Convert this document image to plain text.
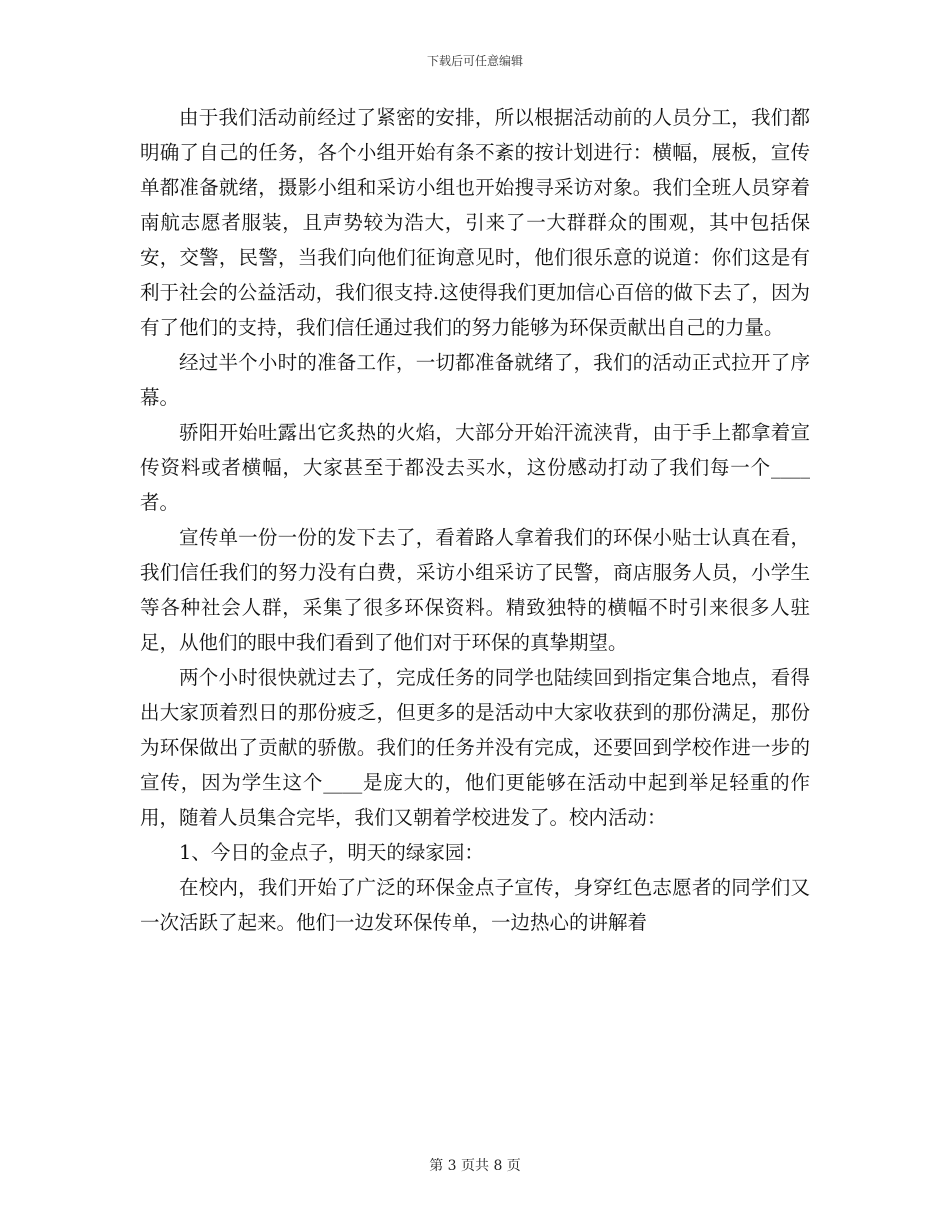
下载后可任意编辑

由于我们活动前经过了紧密的安排，所以根据活动前的人员分工，我们都明确了自己的任务，各个小组开始有条不紊的按计划进行：横幅，展板，宣传单都准备就绪，摄影小组和采访小组也开始搜寻采访对象。我们全班人员穿着南航志愿者服装，且声势较为浩大，引来了一大群群众的围观，其中包括保安，交警，民警，当我们向他们征询意见时，他们很乐意的说道：你们这是有利于社会的公益活动，我们很支持.这使得我们更加信心百倍的做下去了，因为有了他们的支持，我们信任通过我们的努力能够为环保贡献出自己的力量。

经过半个小时的准备工作，一切都准备就绪了，我们的活动正式拉开了序幕。

骄阳开始吐露出它炙热的火焰，大部分开始汗流浃背，由于手上都拿着宣传资料或者横幅，大家甚至于都没去买水，这份感动打动了我们每一个____者。

宣传单一份一份的发下去了，看着路人拿着我们的环保小贴士认真在看，我们信任我们的努力没有白费，采访小组采访了民警，商店服务人员，小学生等各种社会人群，采集了很多环保资料。精致独特的横幅不时引来很多人驻足，从他们的眼中我们看到了他们对于环保的真挚期望。

两个小时很快就过去了，完成任务的同学也陆续回到指定集合地点，看得出大家顶着烈日的那份疲乏，但更多的是活动中大家收获到的那份满足，那份为环保做出了贡献的骄傲。我们的任务并没有完成，还要回到学校作进一步的宣传，因为学生这个____是庞大的，他们更能够在活动中起到举足轻重的作用，随着人员集合完毕，我们又朝着学校进发了。校内活动：

1、今日的金点子，明天的绿家园：

在校内，我们开始了广泛的环保金点子宣传，身穿红色志愿者的同学们又一次活跃了起来。他们一边发环保传单，一边热心的讲解着

第 3 页共 8 页
